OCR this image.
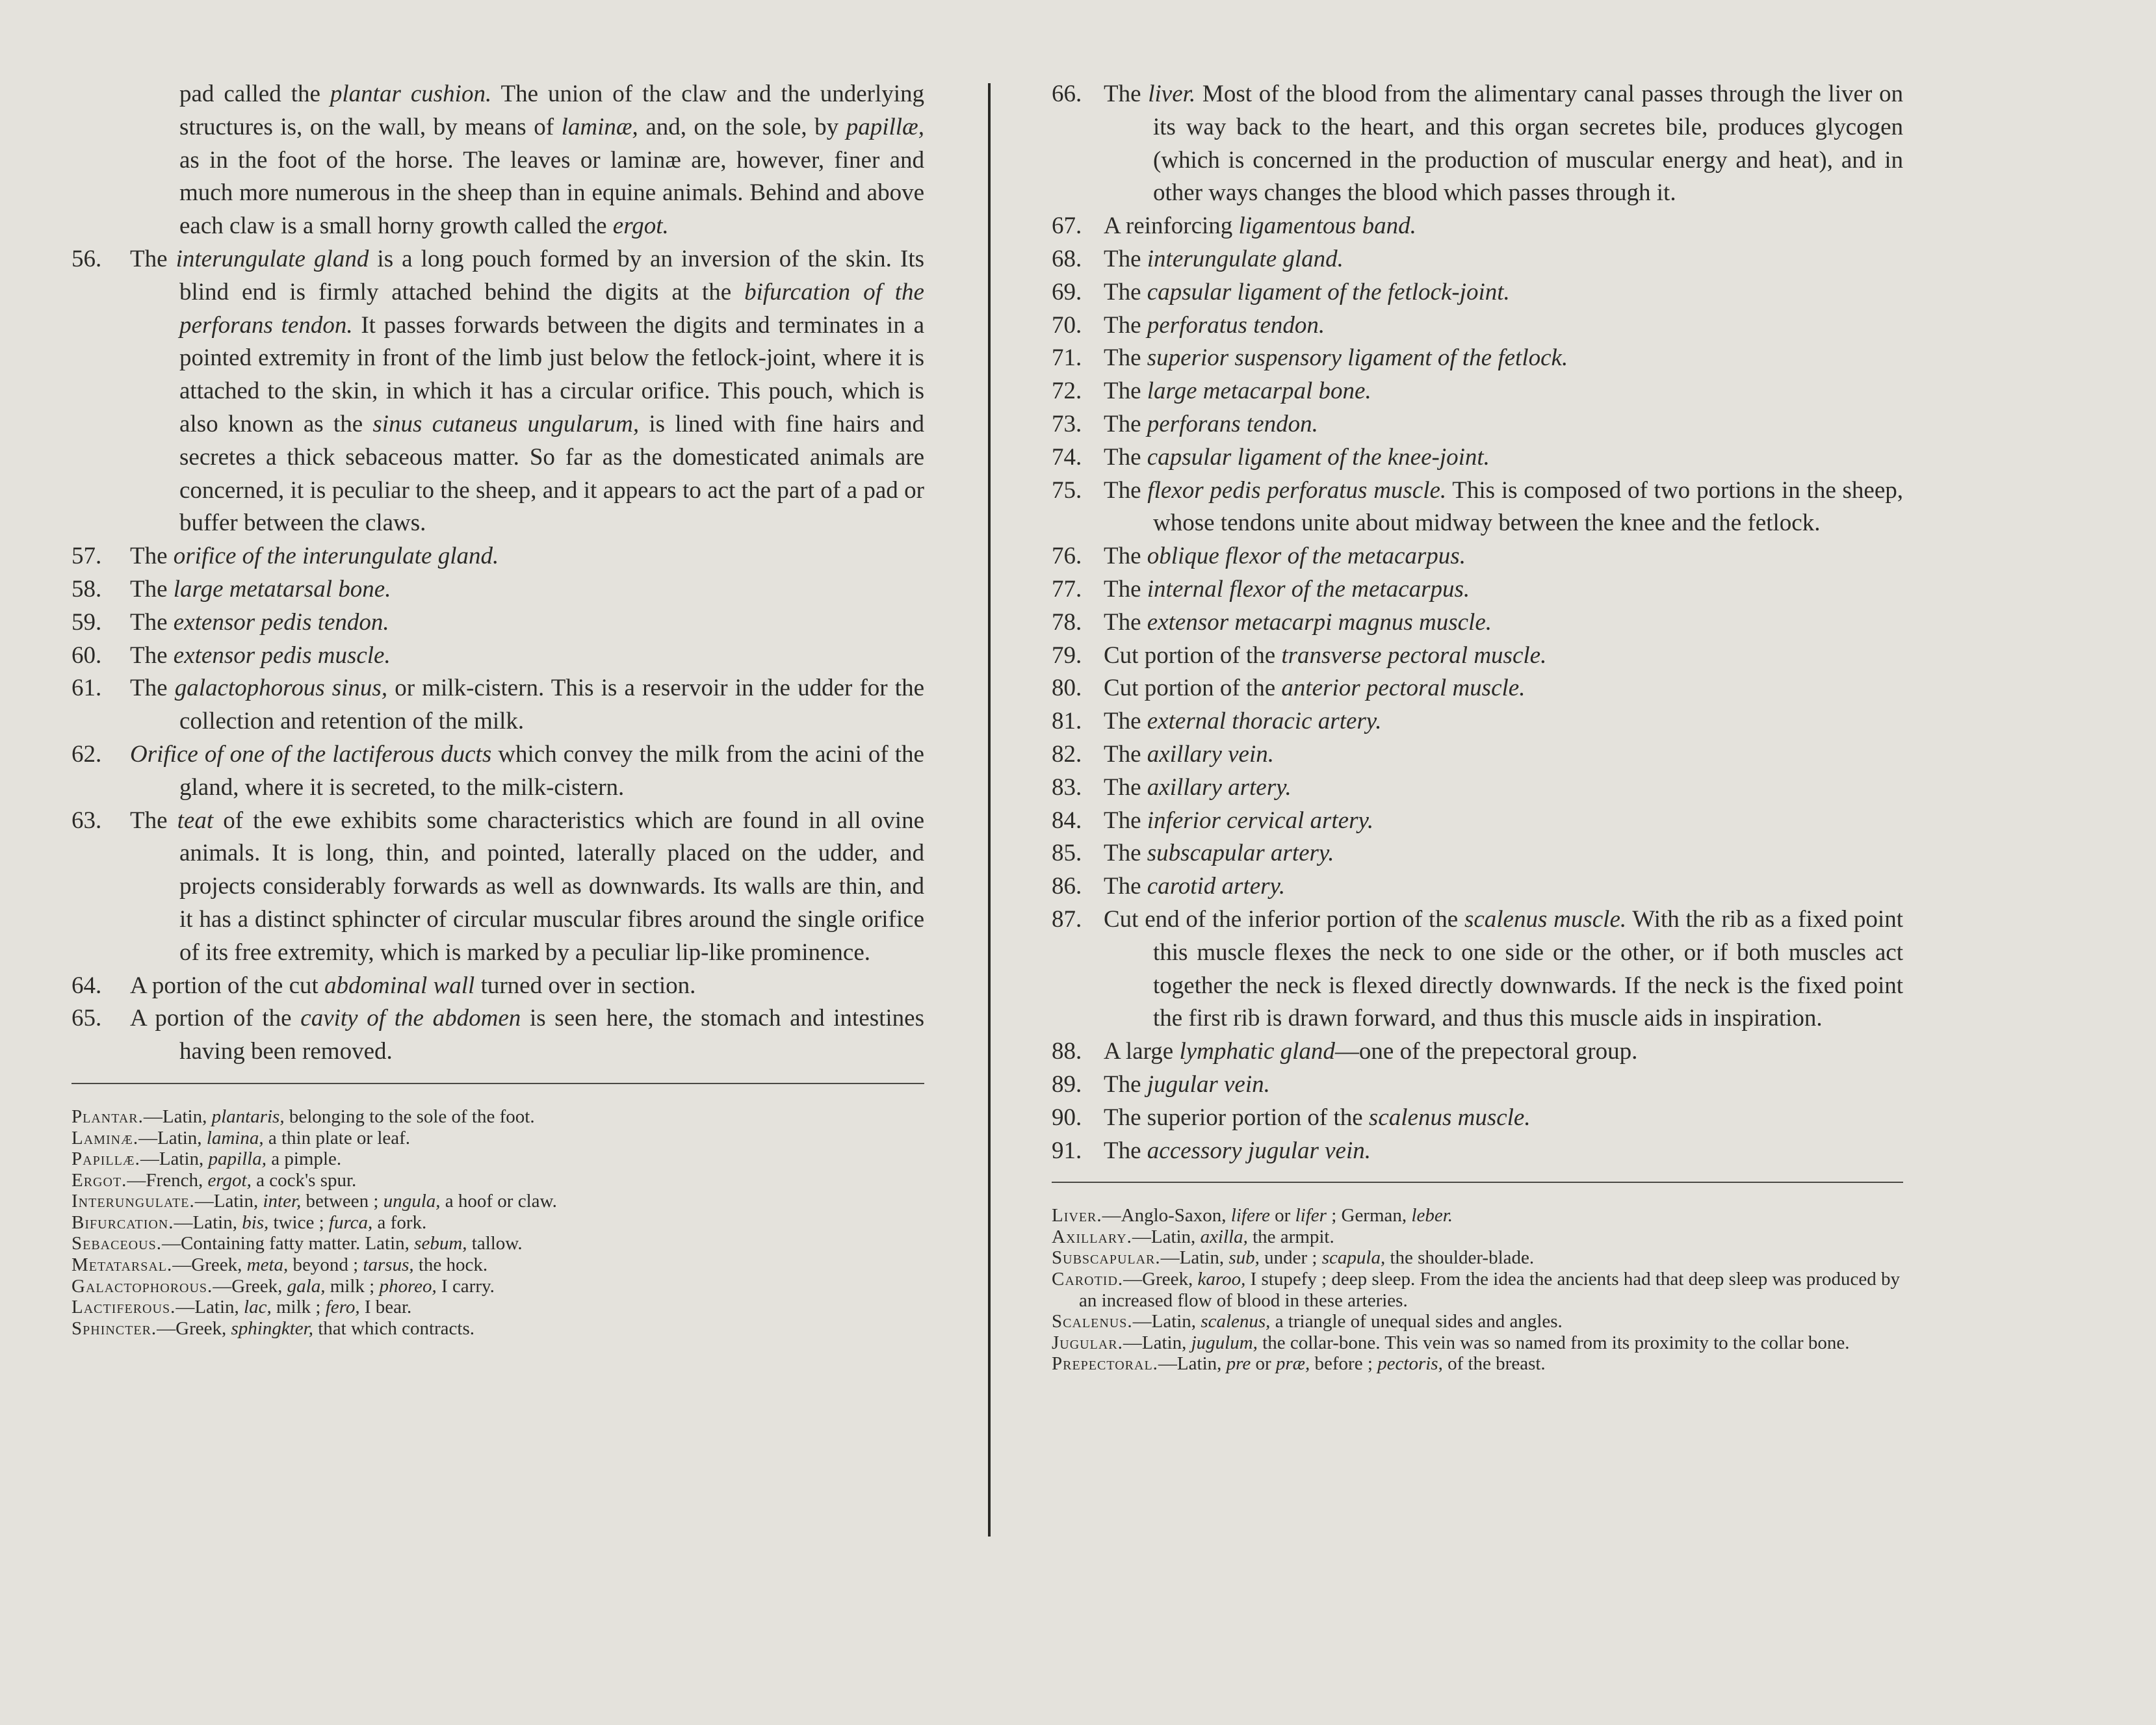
pad called the plantar cushion. The union of the claw and the underlying structures is, on the wall, by means of laminæ, and, on the sole, by papillæ, as in the foot of the horse. The leaves or laminæ are, however, finer and much more numerous in the sheep than in equine animals. Behind and above each claw is a small horny growth called the ergot.
56.	The interungulate gland is a long pouch formed by an inversion of the skin. Its blind end is firmly attached behind the digits at the bifurcation of the perforans tendon. It passes forwards between the digits and terminates in a pointed extremity in front of the limb just below the fetlock-joint, where it is attached to the skin, in which it has a circular orifice. This pouch, which is also known as the sinus cutaneus ungularum, is lined with fine hairs and secretes a thick sebaceous matter. So far as the domesticated animals are concerned, it is peculiar to the sheep, and it appears to act the part of a pad or buffer between the claws.
57.	The orifice of the interungulate gland.
58.	The large metatarsal bone.
59.	The extensor pedis tendon.
60.	The extensor pedis muscle.
61.	The galactophorous sinus, or milk-cistern. This is a reservoir in the udder for the collection and retention of the milk.
62.	Orifice of one of the lactiferous ducts which convey the milk from the acini of the gland, where it is secreted, to the milk-cistern.
63.	The teat of the ewe exhibits some characteristics which are found in all ovine animals. It is long, thin, and pointed, laterally placed on the udder, and projects considerably forwards as well as downwards. Its walls are thin, and it has a distinct sphincter of circular muscular fibres around the single orifice of its free extremity, which is marked by a peculiar lip-like prominence.
64.	A portion of the cut abdominal wall turned over in section.
65.	A portion of the cavity of the abdomen is seen here, the stomach and intestines having been removed.
Plantar.—Latin, plantaris, belonging to the sole of the foot.
Laminæ.—Latin, lamina, a thin plate or leaf.
Papillæ.—Latin, papilla, a pimple.
Ergot.—French, ergot, a cock's spur.
Interungulate.—Latin, inter, between ; ungula, a hoof or claw.
Bifurcation.—Latin, bis, twice ; furca, a fork.
Sebaceous.—Containing fatty matter. Latin, sebum, tallow.
Metatarsal.—Greek, meta, beyond ; tarsus, the hock.
Galactophorous.—Greek, gala, milk ; phoreo, I carry.
Lactiferous.—Latin, lac, milk ; fero, I bear.
Sphincter.—Greek, sphingkter, that which contracts.
66. The liver. Most of the blood from the alimentary canal passes through the liver on its way back to the heart, and this organ secretes bile, produces glycogen (which is concerned in the production of muscular energy and heat), and in other ways changes the blood which passes through it.
67. A reinforcing ligamentous band.
68. The interungulate gland.
69. The capsular ligament of the fetlock-joint.
70. The perforatus tendon.
71. The superior suspensory ligament of the fetlock.
72. The large metacarpal bone.
73. The perforans tendon.
74. The capsular ligament of the knee-joint.
75. The flexor pedis perforatus muscle. This is composed of two portions in the sheep, whose tendons unite about midway between the knee and the fetlock.
76. The oblique flexor of the metacarpus.
77. The internal flexor of the metacarpus.
78. The extensor metacarpi magnus muscle.
79. Cut portion of the transverse pectoral muscle.
80. Cut portion of the anterior pectoral muscle.
81. The external thoracic artery.
82. The axillary vein.
83. The axillary artery.
84. The inferior cervical artery.
85. The subscapular artery.
86. The carotid artery.
87. Cut end of the inferior portion of the scalenus muscle. With the rib as a fixed point this muscle flexes the neck to one side or the other, or if both muscles act together the neck is flexed directly downwards. If the neck is the fixed point the first rib is drawn forward, and thus this muscle aids in inspiration.
88. A large lymphatic gland—one of the prepectoral group.
89. The jugular vein.
90. The superior portion of the scalenus muscle.
91. The accessory jugular vein.
Liver.—Anglo-Saxon, lifere or lifer ; German, leber.
Axillary.—Latin, axilla, the armpit.
Subscapular.—Latin, sub, under ; scapula, the shoulder-blade.
Carotid.—Greek, karoo, I stupefy ; deep sleep. From the idea the ancients had that deep sleep was produced by an increased flow of blood in these arteries.
Scalenus.—Latin, scalenus, a triangle of unequal sides and angles.
Jugular.—Latin, jugulum, the collar-bone. This vein was so named from its proximity to the collar bone.
Prepectoral.—Latin, pre or præ, before ; pectoris, of the breast.
